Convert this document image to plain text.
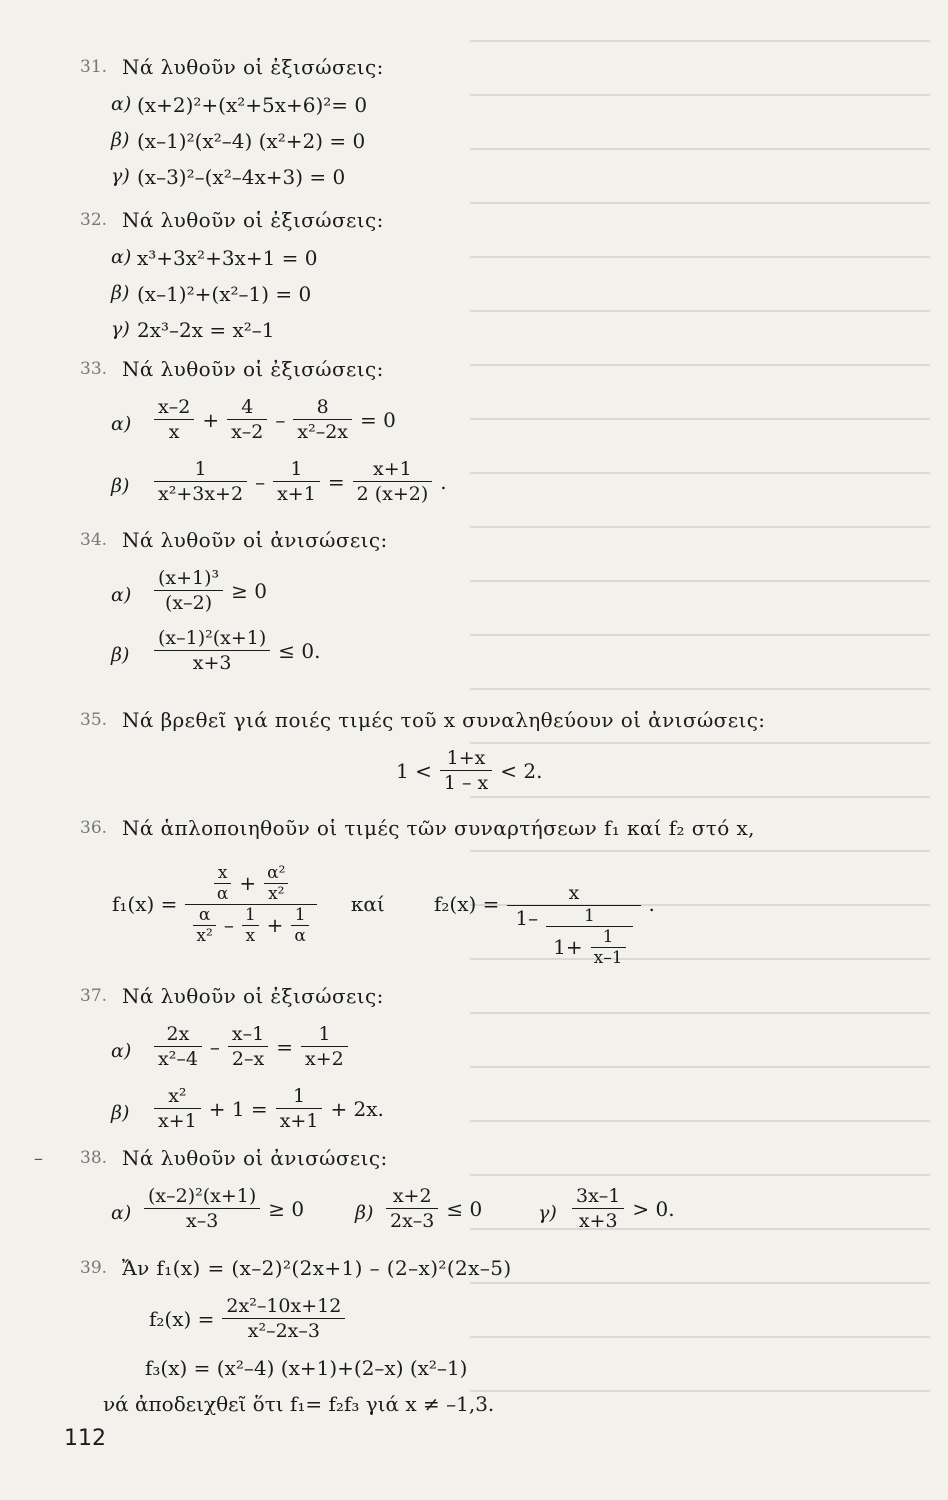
31. Νά λυθοῦν οἱ ἐξισώσεις:
α) (x+2)²+(x²+5x+6)²= 0
β) (x–1)²(x²–4) (x²+2) = 0
γ) (x–3)²–(x²–4x+3) = 0
32. Νά λυθοῦν οἱ ἐξισώσεις:
α) x³+3x²+3x+1 = 0
β) (x–1)²+(x²–1) = 0
γ) 2x³–2x = x²–1
33. Νά λυθοῦν οἱ ἐξισώσεις:
$\alpha) \frac{x-2}{x} + \frac{4}{x-2} - \frac{8}{\text{x²–2x}} = 0$
$\beta) \frac{1}{\text{x²+3x+2}} - \frac{1}{x+1} = \frac{x+1}{2 (x+2)}$ .
34. Νά λυθοῦν οἱ ἀνισώσεις:
$\alpha) \frac{\text{(x+1)³}}{(x-2)} \ge 0$
$\beta) \frac{\text{(x–1)²(x+1)}}{x+3} \le 0$.
35. Νά βρεθεῖ γιά ποιές τιμές τοῦ x συναληθεύουν οἱ ἀνισώσεις:
$1 < \frac{1+x}{1 - x} < 2$.
36. Νά ἁπλοποιηθοῦν οἱ τιμές τῶν συναρτήσεων f₁ καί f₂ στό x,
$f_1(x) = \frac{\frac{x}{\alpha} + \frac{\text{α²}}{\text{x²}}}{\frac{\alpha}{\text{x²}} - \frac{1}{x} + \frac{1}{\alpha}}$ καί $f_2(x) = \frac{x}{1- \frac{1}{1+ \frac{1}{x-1}}}$ .
37. Νά λυθοῦν οἱ ἐξισώσεις:
$\alpha) \frac{2x}{\text{x²–4}} - \frac{x-1}{2-x} = \frac{1}{x+2}$
$\beta) \frac{\text{x²}}{x+1} + 1 = \frac{1}{x+1} + 2x$.
– 38. Νά λυθοῦν οἱ ἀνισώσεις:
$\alpha) \frac{\text{(x–2)²(x+1)}}{x-3} \ge 0$	$\beta) \frac{x+2}{2x-3} \le 0$	$\gamma) \frac{3x-1}{x+3} > 0$.
39. Ἄν f₁(x) = (x–2)²(2x+1) – (2–x)²(2x–5)
$f_2(x) = \frac{\text{2x²–10x+12}}{\text{x²–2x–3}}$
f₃(x) = (x²–4) (x+1)+(2–x) (x²–1)
νά ἀποδειχθεῖ ὅτι f₁= f₂f₃ γιά x ≠ –1,3.
112
